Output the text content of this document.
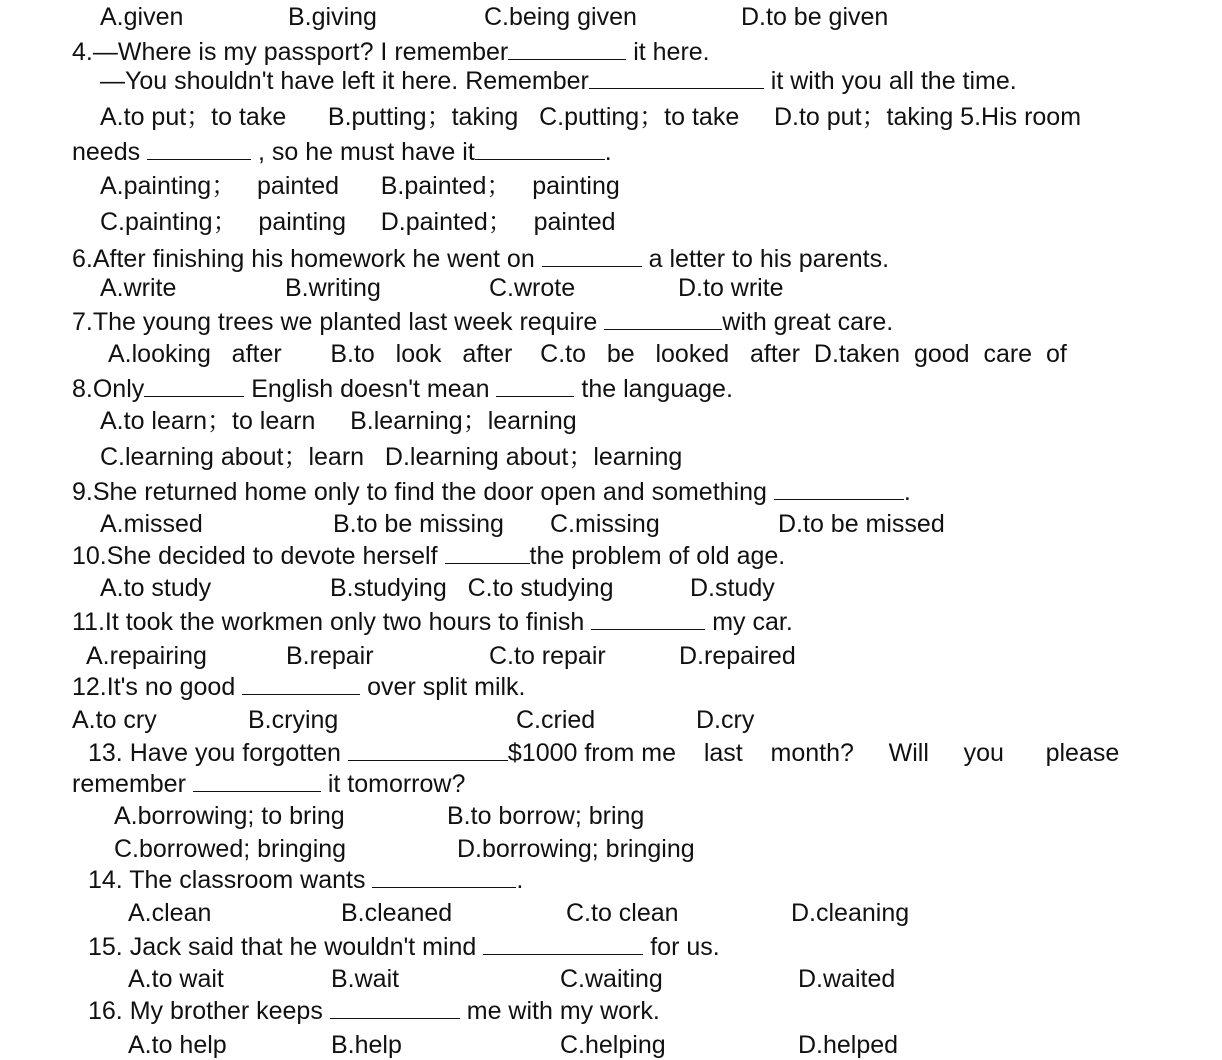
A.given	B.giving	C.being given	D.to be given
4.—Where is my passport? I remember	it here.
—You shouldn't have left it here. Remember	it with you all the time.
A.to put；to take      B.putting；taking   C.putting；to take     D.to put；taking 5.His room
needs	, so he must have it	.
A.painting；   painted      B.painted；   painting
C.painting；   painting     D.painted；   painted
6.After finishing his homework he went on	a letter to his parents.
A.write	B.writing	C.wrote	D.to write
7.The young trees we planted last week require	with great care.
A.looking   after       B.to   look   after    C.to   be   looked   after  D.taken  good  care  of
8.Only	English doesn't mean	the language.
A.to learn；to learn     B.learning；learning
C.learning about；learn   D.learning about；learning
9.She returned home only to find the door open and something	.
A.missed	B.to be missing C.missing	D.to be missed
10.She decided to devote herself	the problem of old age.
A.to study	B.studying   C.to studying	D.study
11.It took the workmen only two hours to finish	my car.
A.repairing	B.repair	C.to repair	D.repaired
12.It's no good	over split milk.
A.to cry	B.crying	C.cried	D.cry
13. Have you forgotten	$1000 from me    last    month?     Will     you      please
remember	it tomorrow?
A.borrowing; to bring	B.to borrow; bring
C.borrowed; bringing	D.borrowing; bringing
14. The classroom wants	.
A.clean	B.cleaned	C.to clean	D.cleaning
15. Jack said that he wouldn't mind	for us.
A.to wait	B.wait	C.waiting	D.waited
16. My brother keeps	me with my work.
A.to help	B.help	C.helping	D.helped
